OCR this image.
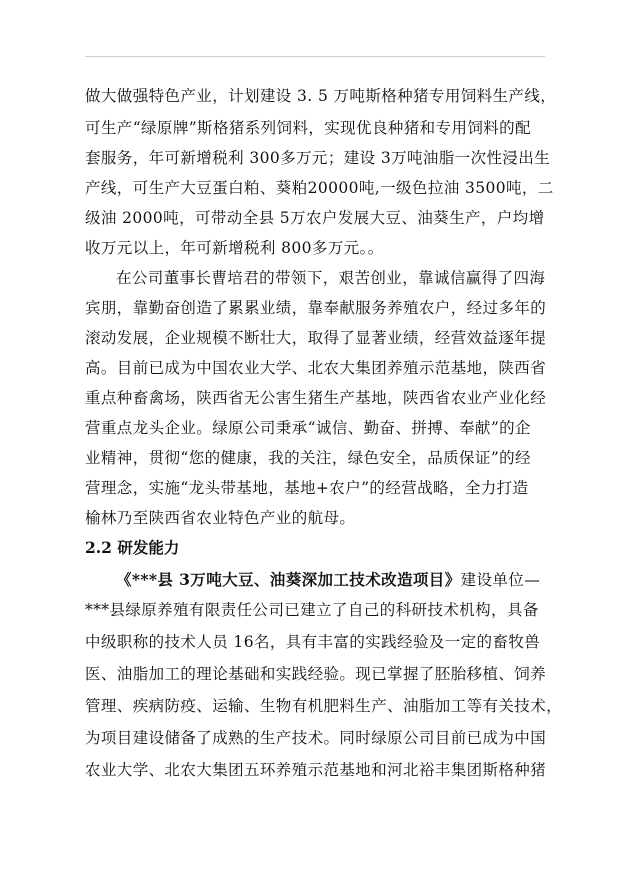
做大做强特色产业，计划建设 3. 5 万吨斯格种猪专用饲料生产线，
可生产“绿原牌”斯格猪系列饲料，实现优良种猪和专用饲料的配
套服务，年可新增税利 300多万元；建设 3万吨油脂一次性浸出生
产线，可生产大豆蛋白粕、葵粕20000吨,一级色拉油 3500吨，二
级油 2000吨，可带动全县 5万农户发展大豆、油葵生产，户均增
收万元以上，年可新增税利 800多万元。。
在公司董事长曹培君的带领下，艰苦创业，靠诚信赢得了四海
宾朋，靠勤奋创造了累累业绩，靠奉献服务养殖农户，经过多年的
滚动发展，企业规模不断壮大，取得了显著业绩，经营效益逐年提
高。目前已成为中国农业大学、北农大集团养殖示范基地，陕西省
重点种畜禽场，陕西省无公害生猪生产基地，陕西省农业产业化经
营重点龙头企业。绿原公司秉承“诚信、勤奋、拼搏、奉献”的企
业精神，贯彻“您的健康，我的关注，绿色安全，品质保证”的经
营理念，实施“龙头带基地，基地+农户”的经营战略，全力打造
榆林乃至陕西省农业特色产业的航母。
2.2 研发能力
《***县 3万吨大豆、油葵深加工技术改造项目》建设单位—
***县绿原养殖有限责任公司已建立了自己的科研技术机构，具备
中级职称的技术人员 16名，具有丰富的实践经验及一定的畜牧兽
医、油脂加工的理论基础和实践经验。现已掌握了胚胎移植、饲养
管理、疾病防疫、运输、生物有机肥料生产、油脂加工等有关技术，
为项目建设储备了成熟的生产技术。同时绿原公司目前已成为中国
农业大学、北农大集团五环养殖示范基地和河北裕丰集团斯格种猪
